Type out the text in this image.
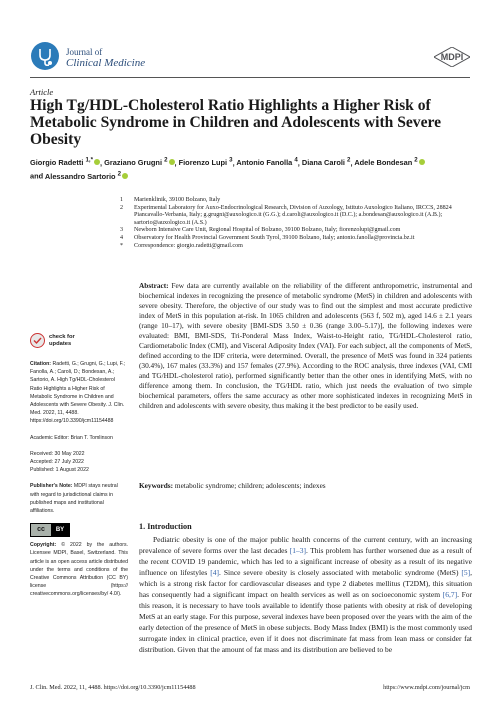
Journal of
Clinical Medicine	MDPI
Article
High Tg/HDL-Cholesterol Ratio Highlights a Higher Risk of Metabolic Syndrome in Children and Adolescents with Severe Obesity
Giorgio Radetti $^{1,*}$ , Graziano Grugni $^2$ , Fiorenzo Lupi $^3$, Antonio Fanolla $^4$, Diana Caroli $^2$, Adele Bondesan $^2$
and Alessandro Sartorio $^2$
1	Marienklinik, 39100 Bolzano, Italy
2	Experimental Laboratory for Auxo-Endocrinological Research, Division of Auxology, Istituto Auxologico Italiano, IRCCS, 28824 Piancavallo-Verbania, Italy; g.grugni@auxologico.it (G.G.); d.caroli@auxologico.it (D.C.); a.bondesan@auxologico.it (A.B.); sartorio@auxologico.it (A.S.)
3	Newborn Intensive Care Unit, Regional Hospital of Bolzano, 39100 Bolzano, Italy; fiorenzolupi@gmail.com
4	Observatory for Health Provincial Government South Tyrol, 39100 Bolzano, Italy; antonio.fanolla@provincia.bz.it
*	Correspondence: giorgio.radetti@gmail.com
Abstract: Few data are currently available on the reliability of the different anthropometric, instrumental and biochemical indexes in recognizing the presence of metabolic syndrome (MetS) in children and adolescents with severe obesity. Therefore, the objective of our study was to find out the simplest and most accurate predictive index of MetS in this population at-risk. In 1065 children and adolescents (563 f, 502 m), aged 14.6 ± 2.1 years (range 10–17), with severe obesity [BMI-SDS 3.50 ± 0.36 (range 3.00–5.17)], the following indexes were evaluated: BMI, BMI-SDS, Tri-Ponderal Mass Index, Waist-to-Height ratio, TG/HDL-Cholesterol ratio, Cardiometabolic Index (CMI), and Visceral Adiposity Index (VAI). For each subject, all the components of MetS, defined according to the IDF criteria, were determined. Overall, the presence of MetS was found in 324 patients (30.4%), 167 males (33.3%) and 157 females (27.9%). According to the ROC analysis, three indexes (VAI, CMI and TG/HDL-cholesterol ratio), performed significantly better than the other ones in identifying MetS, with no difference among them. In conclusion, the TG/HDL ratio, which just needs the evaluation of two simple biochemical parameters, offers the same accuracy as other more sophisticated indexes in recognizing MetS in children and adolescents with severe obesity, thus making it the best predictor to be easily used.
Keywords: metabolic syndrome; children; adolescents; indexes
check for
updates
Citation: Radetti, G.; Grugni, G.; Lupi, F.; Fanolla, A.; Caroli, D.; Bondesan, A.; Sartorio, A. High Tg/HDL-Cholesterol Ratio Highlights a Higher Risk of Metabolic Syndrome in Children and Adolescents with Severe Obesity. J. Clin. Med. 2022, 11, 4488. https://doi.org/10.3390/jcm11154488
Academic Editor: Brian T. Tomlinson
Received: 30 May 2022
Accepted: 27 July 2022
Published: 1 August 2022
Publisher's Note: MDPI stays neutral with regard to jurisdictional claims in published maps and institutional affiliations.
cc	BY
Copyright: © 2022 by the authors. Licensee MDPI, Basel, Switzerland. This article is an open access article distributed under the terms and conditions of the Creative Commons Attribution (CC BY) license (https:// creativecommons.org/licenses/by/ 4.0/).
1. Introduction

Pediatric obesity is one of the major public health concerns of the current century, with an increasing prevalence of severe forms over the last decades [1–3]. This problem has further worsened due as a result of the recent COVID 19 pandemic, which has led to a significant increase of obesity as a result of its negative influence on lifestyles [4]. Since severe obesity is closely associated with metabolic syndrome (MetS) [5], which is a strong risk factor for cardiovascular diseases and type 2 diabetes mellitus (T2DM), this situation has consequently had a significant impact on health services as well as on socioeconomic system [6,7]. For this reason, it is necessary to have tools available to identify those patients with obesity at risk of developing MetS at an early stage. For this purpose, several indexes have been proposed over the years with the aim of the early detection of the presence of MetS in obese subjects. Body Mass Index (BMI) is the most commonly used surrogate index in clinical practice, even if it does not discriminate fat mass from lean mass or consider fat distribution. Given that the amount of fat mass and its distribution are believed to be

J. Clin. Med. 2022, 11, 4488. https://doi.org/10.3390/jcm11154488	https://www.mdpi.com/journal/jcm
